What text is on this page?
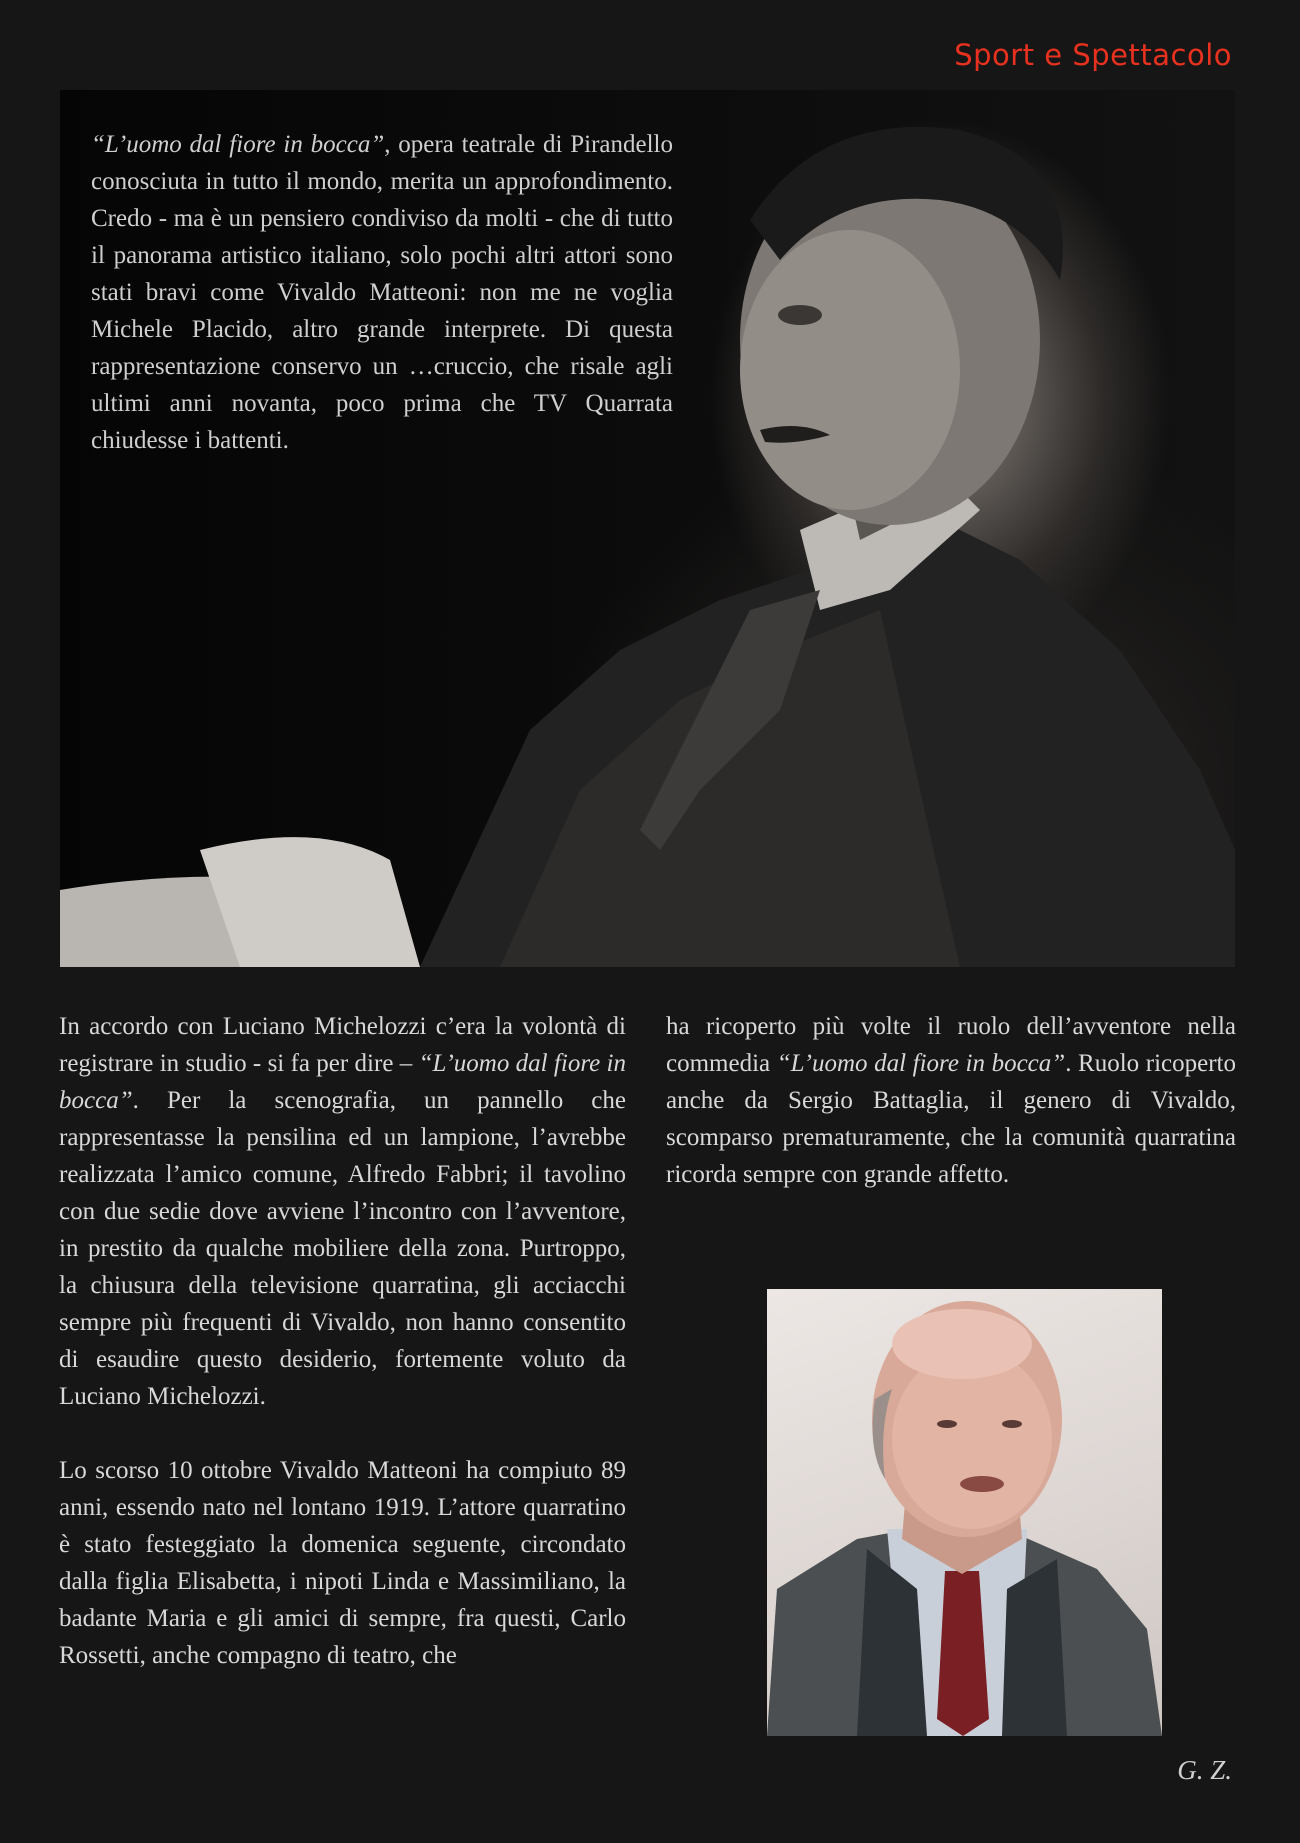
Sport e Spettacolo
“L’uomo dal fiore in bocca”, opera teatrale di Pirandello conosciuta in tutto il mondo, merita un approfondimento. Credo - ma è un pensiero condiviso da molti - che di tutto il panorama artistico italiano, solo pochi altri attori sono stati bravi come Vivaldo Matteoni: non me ne voglia Michele Placido, altro grande interprete. Di questa rappresentazione conservo un …cruccio, che risale agli ultimi anni novanta, poco prima che TV Quarrata chiudesse i battenti.

In accordo con Luciano Michelozzi c’era la volontà di registrare in studio - si fa per dire – “L’uomo dal fiore in bocca”. Per la scenografia, un pannello che rappresentasse la pensilina ed un lampione, l’avrebbe realizzata l’amico comune, Alfredo Fabbri; il tavolino con due sedie dove avviene l’incontro con l’avventore, in prestito da qualche mobiliere della zona. Purtroppo, la chiusura della televisione quarratina, gli acciacchi sempre più frequenti di Vivaldo, non hanno consentito di esaudire questo desiderio, fortemente voluto da Luciano Michelozzi.

Lo scorso 10 ottobre Vivaldo Matteoni ha compiuto 89 anni, essendo nato nel lontano 1919. L’attore quarratino è stato festeggiato la domenica seguente, circondato dalla figlia Elisabetta, i nipoti Linda e Massimiliano, la badante Maria e gli amici di sempre, fra questi, Carlo Rossetti, anche compagno di teatro, che

ha ricoperto più volte il ruolo dell’avventore nella commedia “L’uomo dal fiore in bocca”. Ruolo ricoperto anche da Sergio Battaglia, il genero di Vivaldo, scomparso prematuramente, che la comunità quarratina ricorda sempre con grande affetto.

G. Z.
